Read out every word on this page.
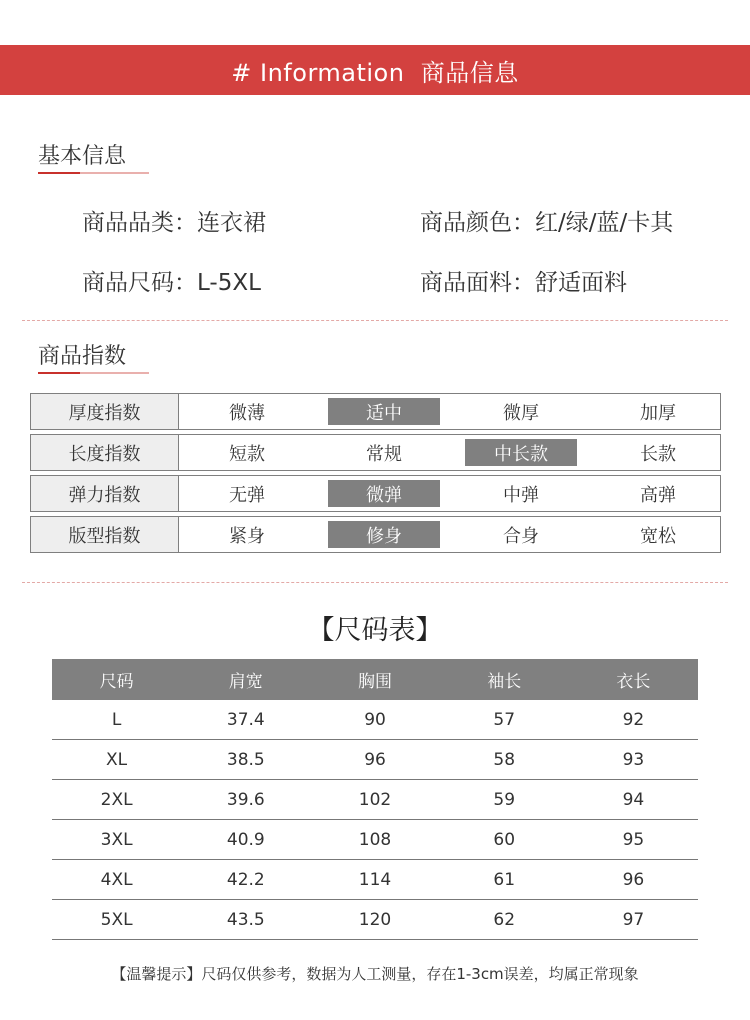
# Information  商品信息
基本信息
商品品类：连衣裙	商品颜色：红/绿/蓝/卡其
商品尺码：L-5XL	商品面料：舒适面料
商品指数
厚度指数	微薄	适中	微厚	加厚
长度指数	短款	常规	中长款	长款
弹力指数	无弹	微弹	中弹	高弹
版型指数	紧身	修身	合身	宽松
【尺码表】
尺码	肩宽	胸围	袖长	衣长
L	37.4	90	57	92
XL	38.5	96	58	93
2XL	39.6	102	59	94
3XL	40.9	108	60	95
4XL	42.2	114	61	96
5XL	43.5	120	62	97
【温馨提示】尺码仅供参考，数据为人工测量，存在1-3cm误差，均属正常现象
